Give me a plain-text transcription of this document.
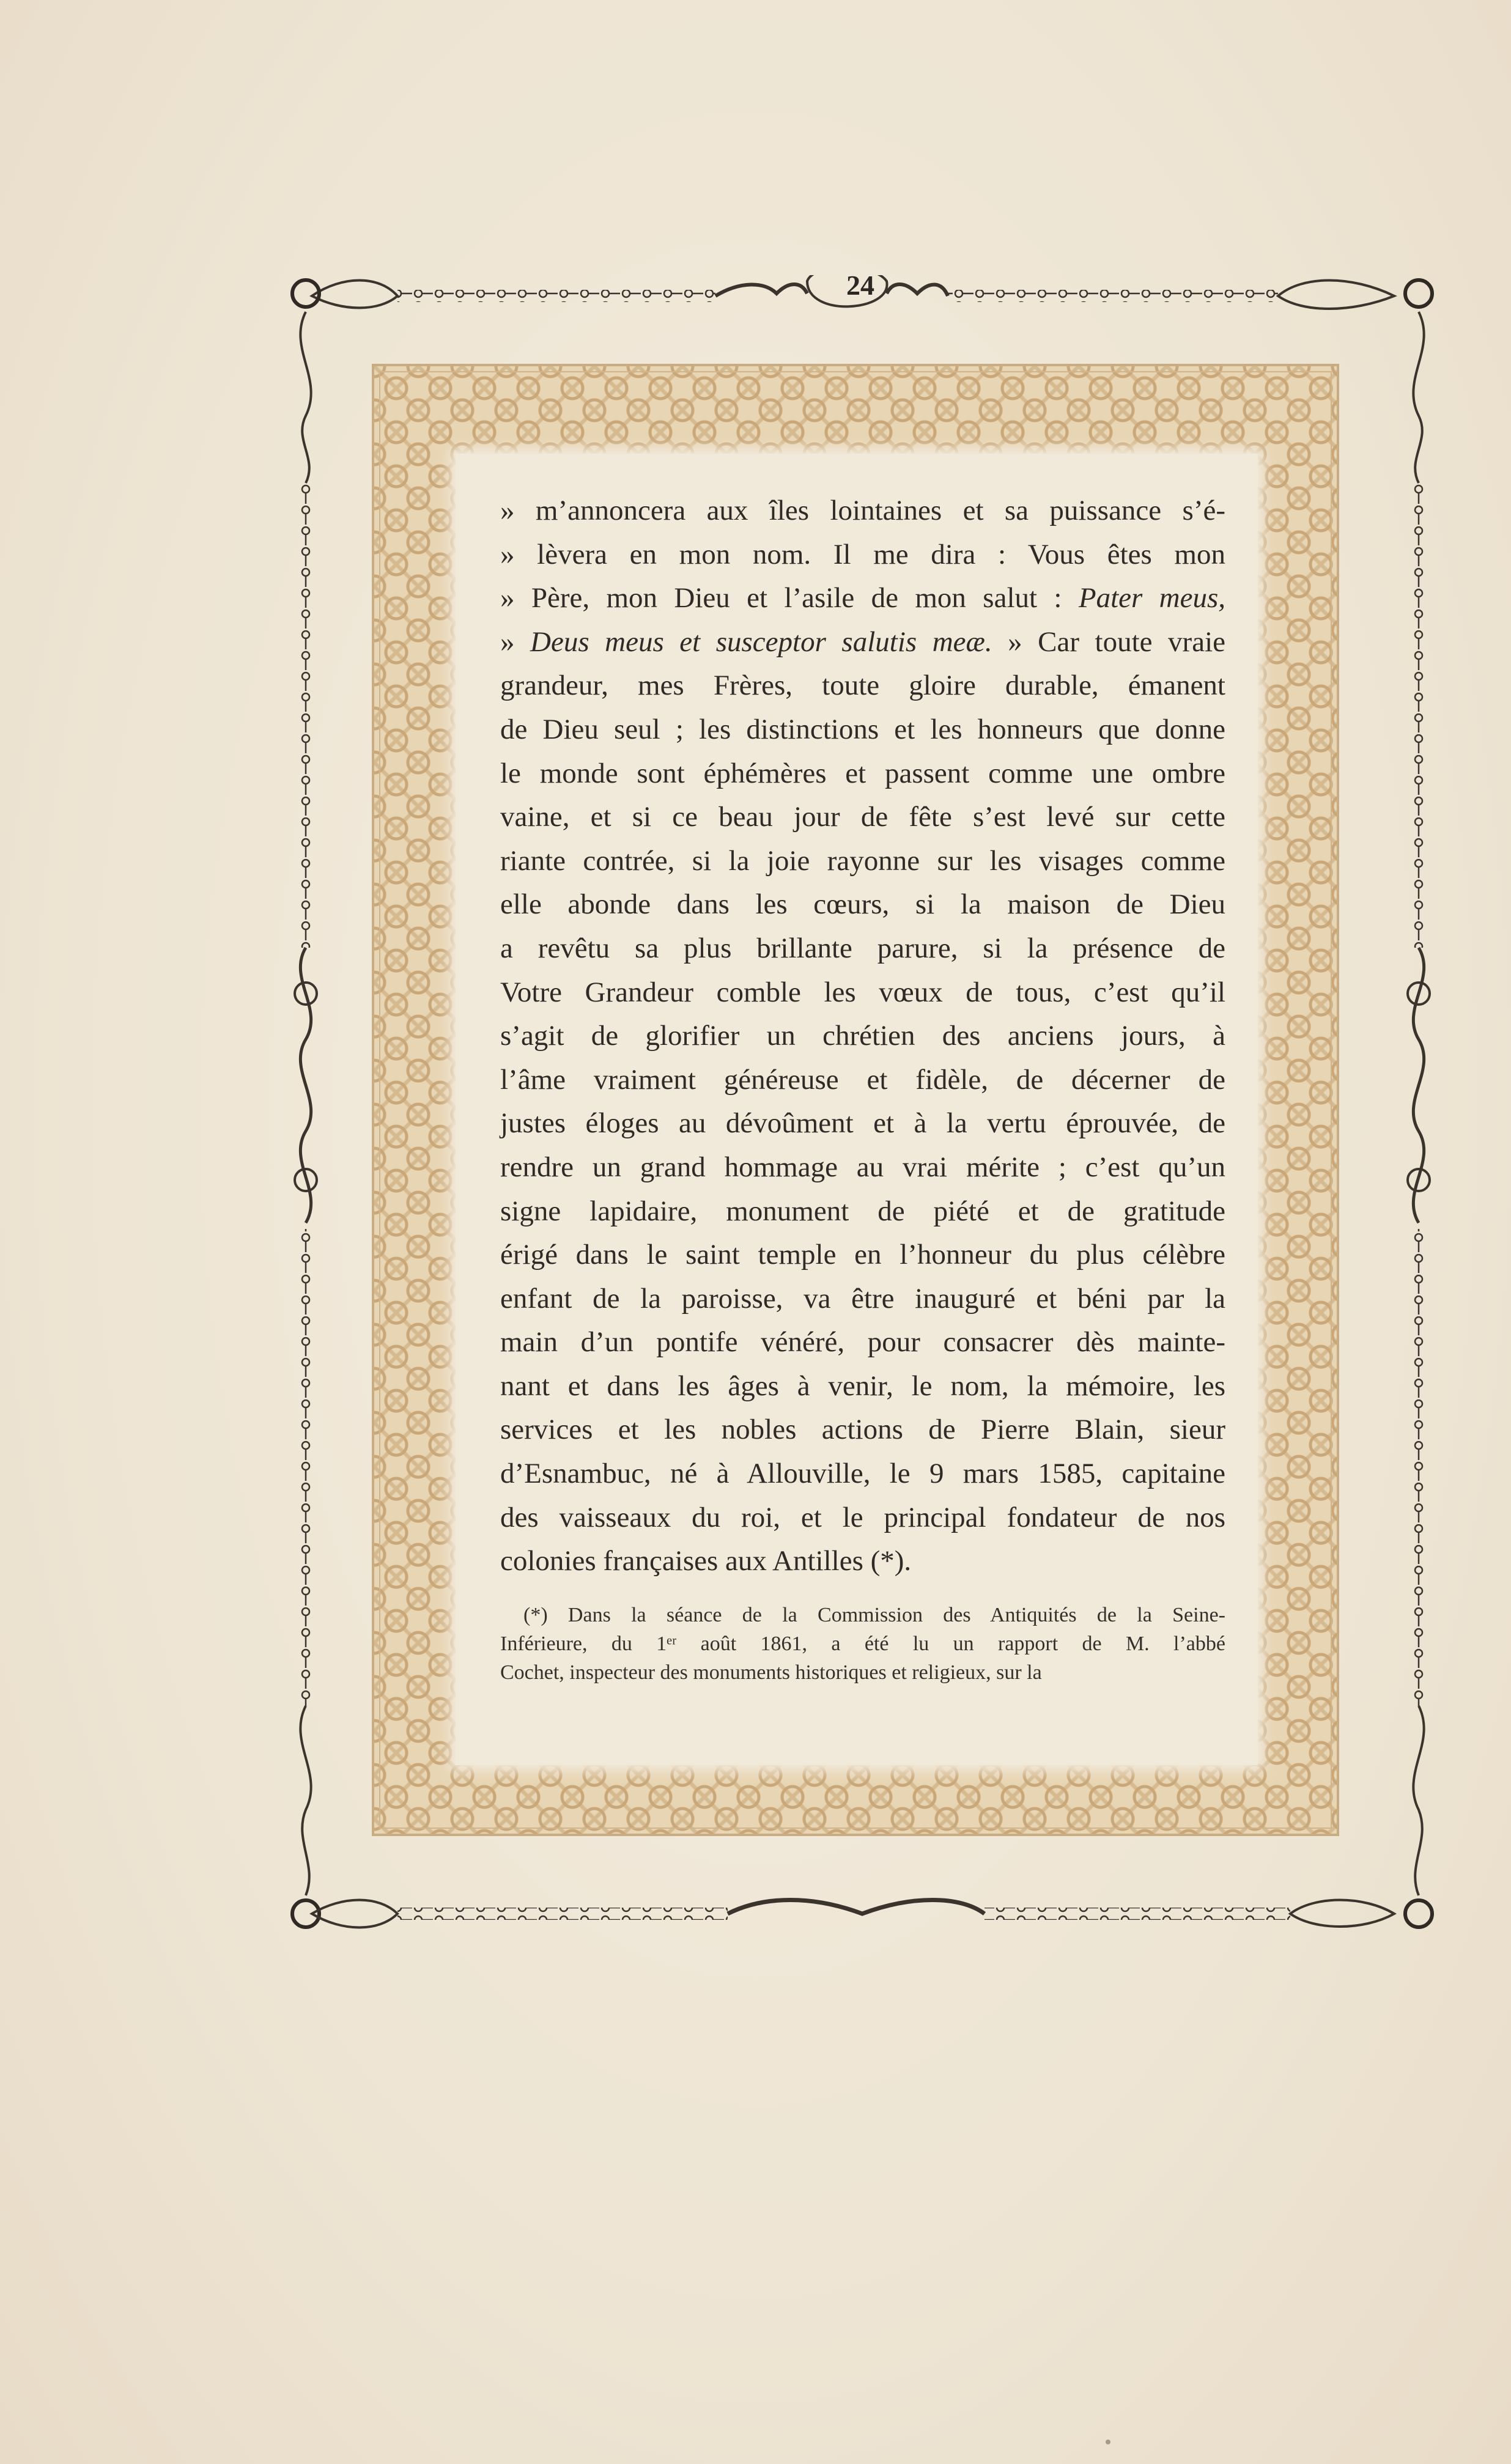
24
» m’annoncera aux îles lointaines et sa puissance s’é-
» lèvera en mon nom. Il me dira : Vous êtes mon
» Père, mon Dieu et l’asile de mon salut : Pater meus,
» Deus meus et susceptor salutis meæ. » Car toute vraie
grandeur, mes Frères, toute gloire durable, émanent
de Dieu seul ; les distinctions et les honneurs que donne
le monde sont éphémères et passent comme une ombre
vaine, et si ce beau jour de fête s’est levé sur cette
riante contrée, si la joie rayonne sur les visages comme
elle abonde dans les cœurs, si la maison de Dieu
a revêtu sa plus brillante parure, si la présence de
Votre Grandeur comble les vœux de tous, c’est qu’il
s’agit de glorifier un chrétien des anciens jours, à
l’âme vraiment généreuse et fidèle, de décerner de
justes éloges au dévoûment et à la vertu éprouvée, de
rendre un grand hommage au vrai mérite ; c’est qu’un
signe lapidaire, monument de piété et de gratitude
érigé dans le saint temple en l’honneur du plus célèbre
enfant de la paroisse, va être inauguré et béni par la
main d’un pontife vénéré, pour consacrer dès mainte-
nant et dans les âges à venir, le nom, la mémoire, les
services et les nobles actions de Pierre Blain, sieur
d’Esnambuc, né à Allouville, le 9 mars 1585, capitaine
des vaisseaux du roi, et le principal fondateur de nos
colonies françaises aux Antilles (*).
(*) Dans la séance de la Commission des Antiquités de la Seine-
Inférieure, du 1ᵉʳ août 1861, a été lu un rapport de M. l’abbé
Cochet, inspecteur des monuments historiques et religieux, sur la
